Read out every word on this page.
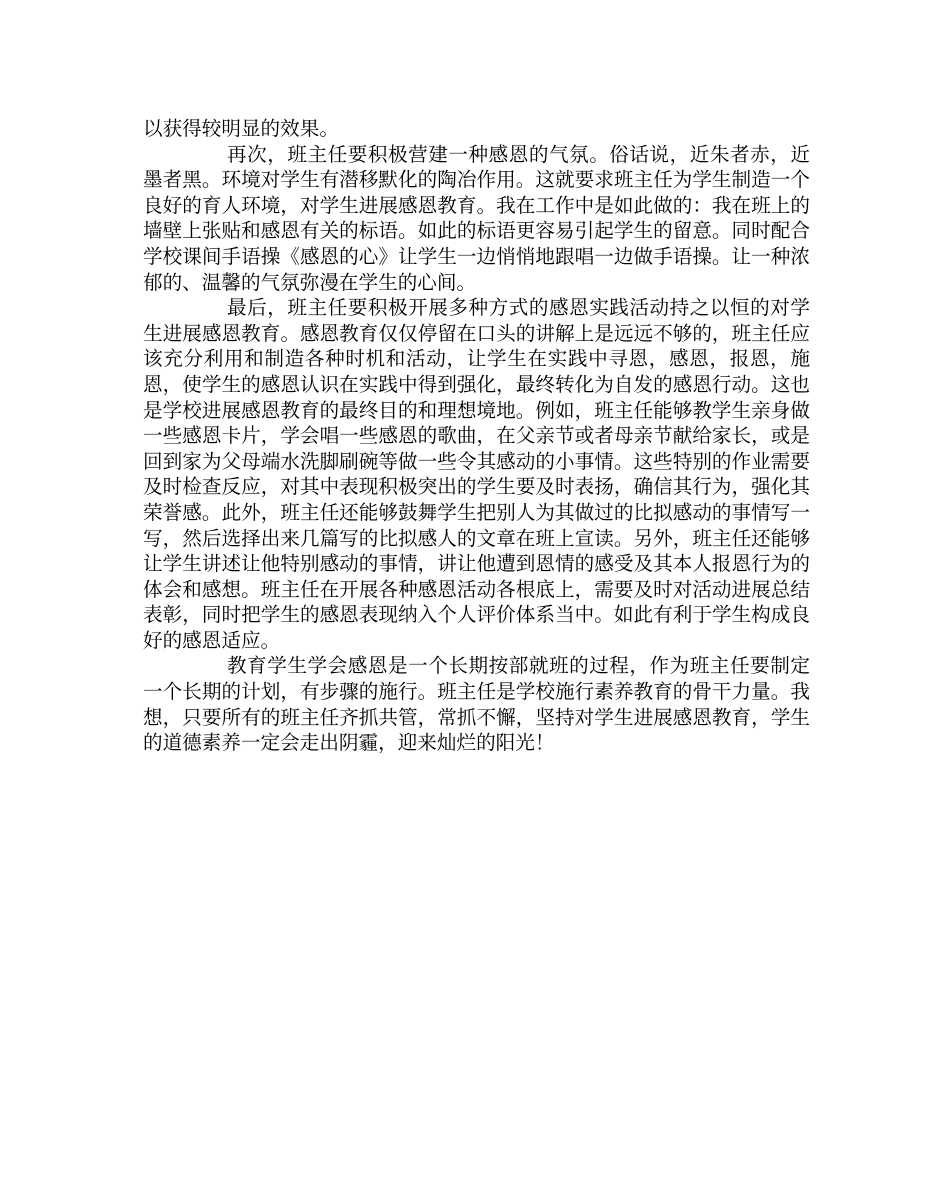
以获得较明显的效果。

再次，班主任要积极营建一种感恩的气氛。俗话说，近朱者赤，近墨者黑。环境对学生有潜移默化的陶冶作用。这就要求班主任为学生制造一个良好的育人环境，对学生进展感恩教育。我在工作中是如此做的：我在班上的墙壁上张贴和感恩有关的标语。如此的标语更容易引起学生的留意。同时配合学校课间手语操《感恩的心》让学生一边悄悄地跟唱一边做手语操。让一种浓郁的、温馨的气氛弥漫在学生的心间。

最后，班主任要积极开展多种方式的感恩实践活动持之以恒的对学生进展感恩教育。感恩教育仅仅停留在口头的讲解上是远远不够的，班主任应该充分利用和制造各种时机和活动，让学生在实践中寻恩，感恩，报恩，施恩，使学生的感恩认识在实践中得到强化，最终转化为自发的感恩行动。这也是学校进展感恩教育的最终目的和理想境地。例如，班主任能够教学生亲身做一些感恩卡片，学会唱一些感恩的歌曲，在父亲节或者母亲节献给家长，或是回到家为父母端水洗脚刷碗等做一些令其感动的小事情。这些特别的作业需要及时检查反应，对其中表现积极突出的学生要及时表扬，确信其行为，强化其荣誉感。此外，班主任还能够鼓舞学生把别人为其做过的比拟感动的事情写一写，然后选择出来几篇写的比拟感人的文章在班上宣读。另外，班主任还能够让学生讲述让他特别感动的事情，讲让他遭到恩情的感受及其本人报恩行为的体会和感想。班主任在开展各种感恩活动各根底上，需要及时对活动进展总结表彰，同时把学生的感恩表现纳入个人评价体系当中。如此有利于学生构成良好的感恩适应。

教育学生学会感恩是一个长期按部就班的过程，作为班主任要制定一个长期的计划，有步骤的施行。班主任是学校施行素养教育的骨干力量。我想，只要所有的班主任齐抓共管，常抓不懈，坚持对学生进展感恩教育，学生的道德素养一定会走出阴霾，迎来灿烂的阳光！
